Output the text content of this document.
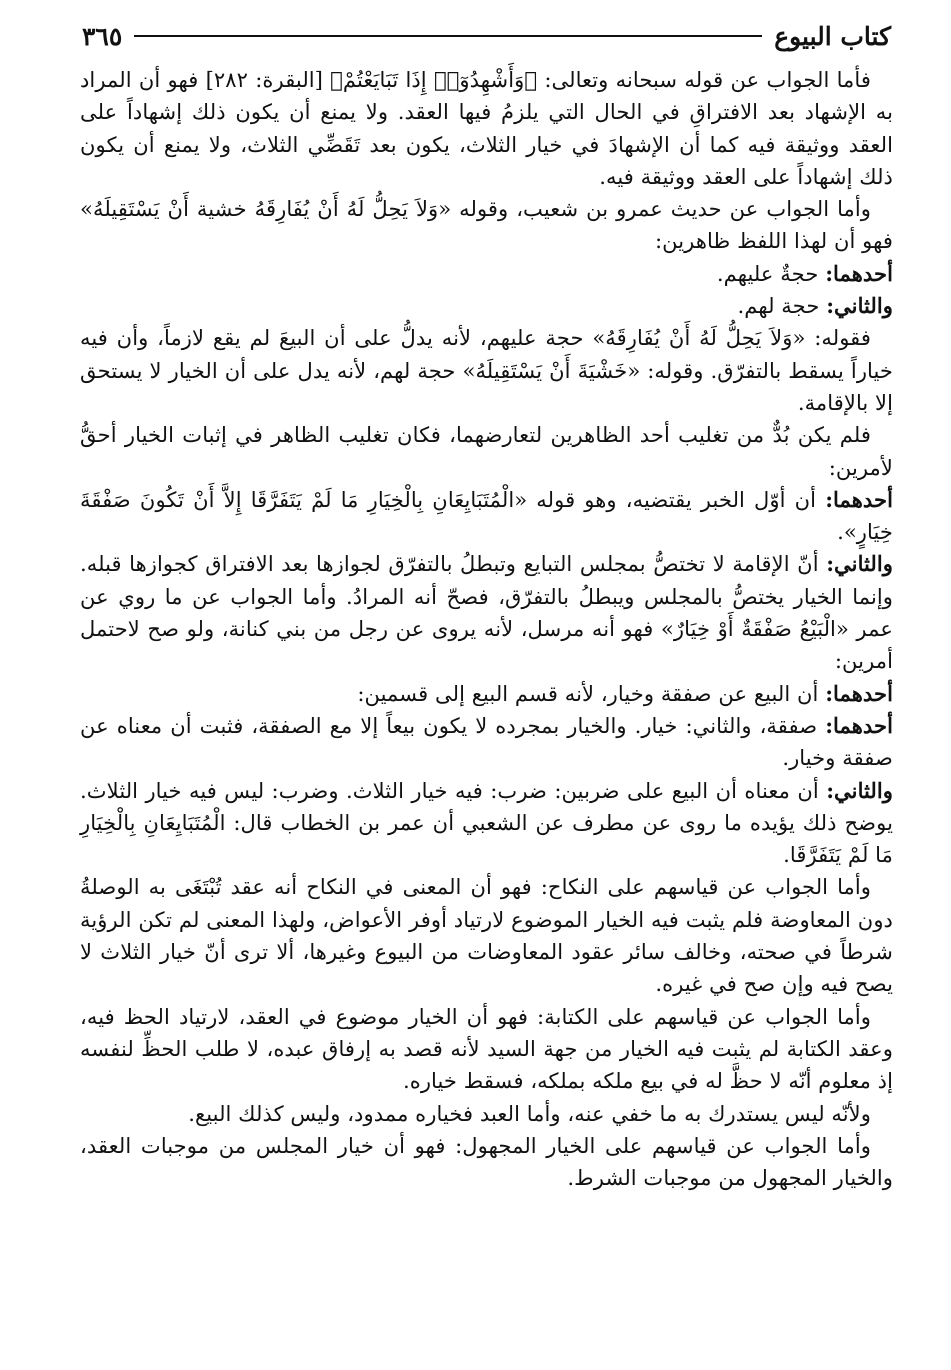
كتاب البيوع
٣٦٥

فأما الجواب عن قوله سبحانه وتعالى: ﴿وَأَشْهِدُوٓا۟ إِذَا تَبَايَعْتُمْ﴾ [البقرة: ٢٨٢] فهو أن المراد به الإشهاد بعد الافتراقِ في الحال التي يلزمُ فيها العقد. ولا يمنع أن يكون ذلك إشهاداً على العقد ووثيقة فيه كما أن الإشهادَ في خيار الثلاث، يكون بعد تَقَضِّي الثلاث، ولا يمنع أن يكون ذلك إشهاداً على العقد ووثيقة فيه.

وأما الجواب عن حديث عمرو بن شعيب، وقوله «وَلاَ يَحِلُّ لَهُ أَنْ يُفَارِقَهُ خشية أَنْ يَسْتَقِيلَهُ» فهو أن لهذا اللفظ ظاهرين:

أحدهما: حجةٌ عليهم.

والثاني: حجة لهم.

فقوله: «وَلاَ يَحِلُّ لَهُ أَنْ يُفَارِقَهُ» حجة عليهم، لأنه يدلُّ على أن البيعَ لم يقع لازماً، وأن فيه خياراً يسقط بالتفرّق. وقوله: «خَشْيَةَ أَنْ يَسْتَقِيلَهُ» حجة لهم، لأنه يدل على أن الخيار لا يستحق إلا بالإقامة.

فلم يكن بُدٌّ من تغليب أحد الظاهرين لتعارضهما، فكان تغليب الظاهر في إثبات الخيار أحقُّ لأمرين:

أحدهما: أن أوّل الخبر يقتضيه، وهو قوله «الْمُتَبَايِعَانِ بِالْخِيَارِ مَا لَمْ يَتَفَرَّقَا إِلاَّ أَنْ تَكُونَ صَفْقَةَ خِيَارٍ».

والثاني: أنّ الإقامة لا تختصُّ بمجلس التبايع وتبطلُ بالتفرّق لجوازها بعد الافتراق كجوازها قبله. وإنما الخيار يختصُّ بالمجلس ويبطلُ بالتفرّق، فصحّ أنه المرادُ. وأما الجواب عن ما روي عن عمر «الْبَيْعُ صَفْقَةٌ أَوْ خِيَارٌ» فهو أنه مرسل، لأنه يروى عن رجل من بني كنانة، ولو صح لاحتمل أمرين:

أحدهما: أن البيع عن صفقة وخيار، لأنه قسم البيع إلى قسمين:

أحدهما: صفقة، والثاني: خيار. والخيار بمجرده لا يكون بيعاً إلا مع الصفقة، فثبت أن معناه عن صفقة وخيار.

والثاني: أن معناه أن البيع على ضربين: ضرب: فيه خيار الثلاث. وضرب: ليس فيه خيار الثلاث. يوضح ذلك يؤيده ما روى عن مطرف عن الشعبي أن عمر بن الخطاب قال: الْمُتَبَايِعَانِ بِالْخِيَارِ مَا لَمْ يَتَفَرَّقَا.

وأما الجواب عن قياسهم على النكاح: فهو أن المعنى في النكاح أنه عقد تُبْتَغَى به الوصلةُ دون المعاوضة فلم يثبت فيه الخيار الموضوع لارتياد أوفر الأعواض، ولهذا المعنى لم تكن الرؤية شرطاً في صحته، وخالف سائر عقود المعاوضات من البيوع وغيرها، ألا ترى أنّ خيار الثلاث لا يصح فيه وإن صح في غيره.

وأما الجواب عن قياسهم على الكتابة: فهو أن الخيار موضوع في العقد، لارتياد الحظ فيه، وعقد الكتابة لم يثبت فيه الخيار من جهة السيد لأنه قصد به إرفاق عبده، لا طلب الحظِّ لنفسه إذ معلوم أنّه لا حظَّ له في بيع ملكه بملكه، فسقط خياره.

ولأنّه ليس يستدرك به ما خفي عنه، وأما العبد فخياره ممدود، وليس كذلك البيع.

وأما الجواب عن قياسهم على الخيار المجهول: فهو أن خيار المجلس من موجبات العقد، والخيار المجهول من موجبات الشرط.
